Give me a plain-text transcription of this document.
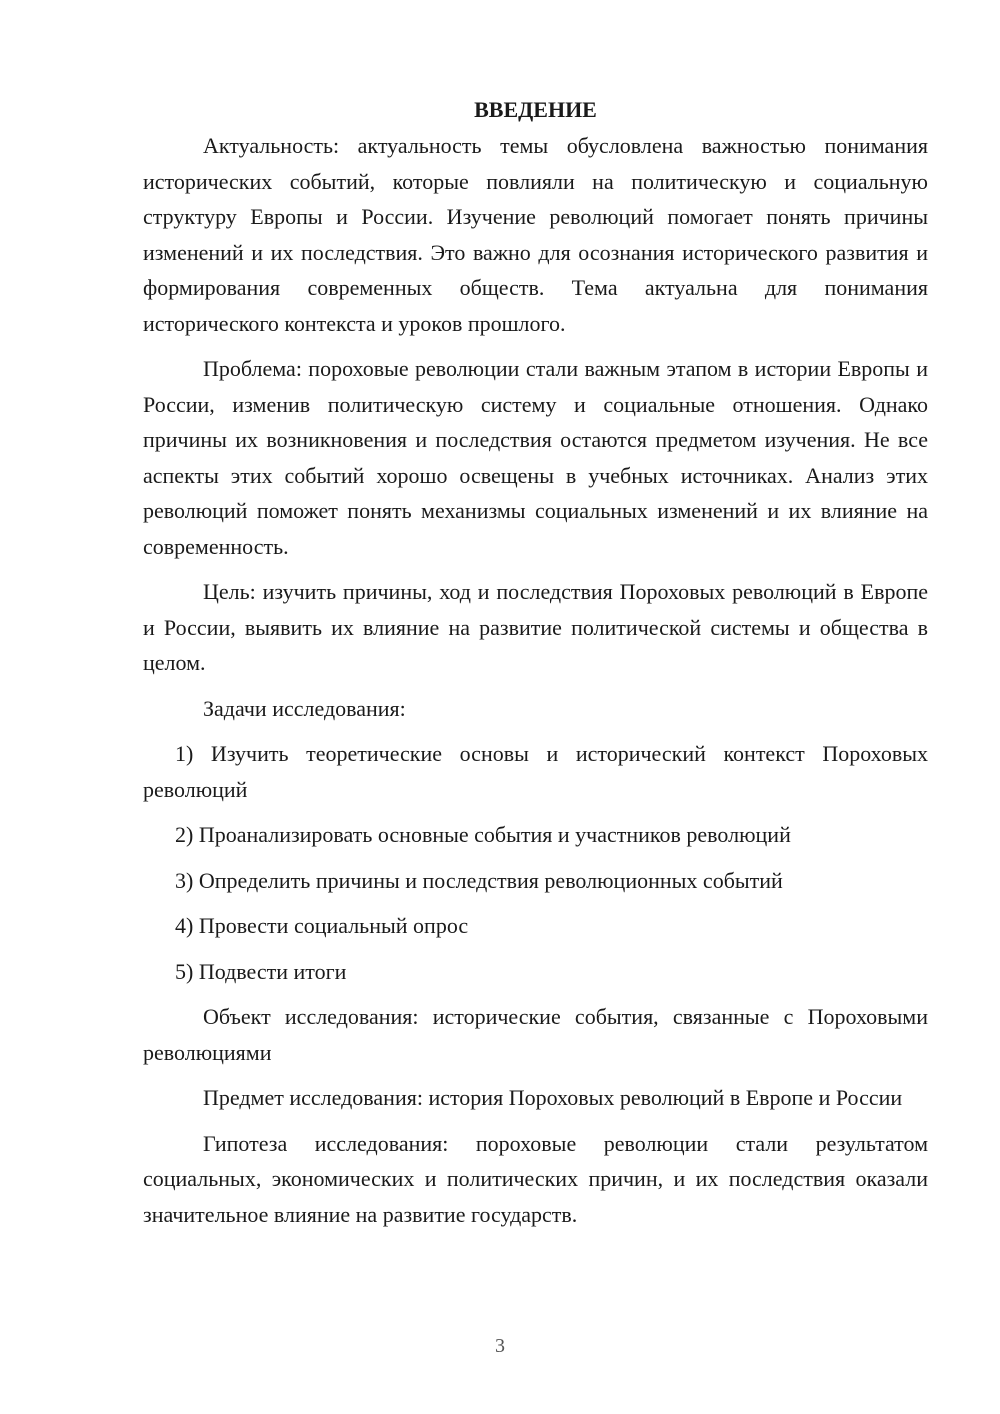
ВВЕДЕНИЕ

Актуальность: актуальность темы обусловлена важностью понимания исторических событий, которые повлияли на политическую и социальную структуру Европы и России. Изучение революций помогает понять причины изменений и их последствия. Это важно для осознания исторического развития и формирования современных обществ. Тема актуальна для понимания исторического контекста и уроков прошлого.

Проблема: пороховые революции стали важным этапом в истории Европы и России, изменив политическую систему и социальные отношения. Однако причины их возникновения и последствия остаются предметом изучения. Не все аспекты этих событий хорошо освещены в учебных источниках. Анализ этих революций поможет понять механизмы социальных изменений и их влияние на современность.

Цель: изучить причины, ход и последствия Пороховых революций в Европе и России, выявить их влияние на развитие политической системы и общества в целом.

Задачи исследования:

1) Изучить теоретические основы и исторический контекст Пороховых революций

2) Проанализировать основные события и участников революций

3) Определить причины и последствия революционных событий

4) Провести социальный опрос

5) Подвести итоги

Объект исследования: исторические события, связанные с Пороховыми революциями

Предмет исследования: история Пороховых революций в Европе и России

Гипотеза исследования: пороховые революции стали результатом социальных, экономических и политических причин, и их последствия оказали значительное влияние на развитие государств.

3
